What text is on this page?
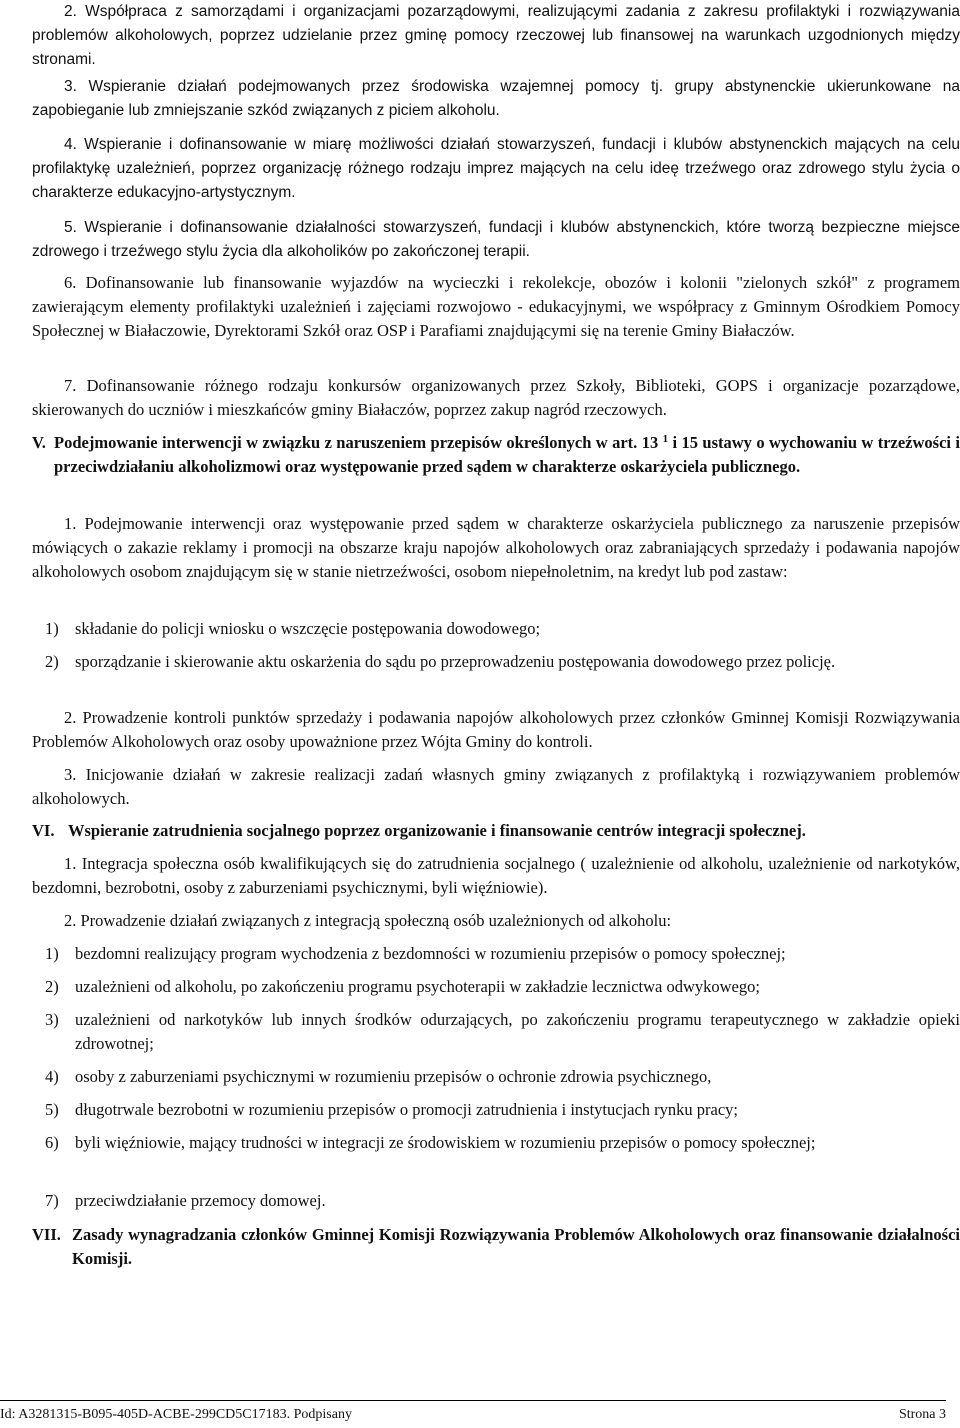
2. Współpraca z samorządami i organizacjami pozarządowymi, realizującymi zadania z zakresu profilaktyki i rozwiązywania problemów alkoholowych, poprzez udzielanie przez gminę pomocy rzeczowej lub finansowej na warunkach uzgodnionych między stronami.

3. Wspieranie działań podejmowanych przez środowiska wzajemnej pomocy tj. grupy abstynenckie ukierunkowane na zapobieganie lub zmniejszanie szkód związanych z piciem alkoholu.

4. Wspieranie i dofinansowanie w miarę możliwości działań stowarzyszeń, fundacji i klubów abstynenckich mających na celu profilaktykę uzależnień, poprzez organizację różnego rodzaju imprez mających na celu ideę trzeźwego oraz zdrowego stylu życia o charakterze edukacyjno-artystycznym.

5. Wspieranie i dofinansowanie działalności stowarzyszeń, fundacji i klubów abstynenckich, które tworzą bezpieczne miejsce zdrowego i trzeźwego stylu życia dla alkoholików po zakończonej terapii.

6. Dofinansowanie lub finansowanie wyjazdów na wycieczki i rekolekcje, obozów i kolonii "zielonych szkół" z programem zawierającym elementy profilaktyki uzależnień i zajęciami rozwojowo - edukacyjnymi, we współpracy z Gminnym Ośrodkiem Pomocy Społecznej w Białaczowie, Dyrektorami Szkół oraz OSP i Parafiami znajdującymi się na terenie Gminy Białaczów.

7. Dofinansowanie różnego rodzaju konkursów organizowanych przez Szkoły, Biblioteki, GOPS i organizacje pozarządowe, skierowanych do uczniów i mieszkańców gminy Białaczów, poprzez zakup nagród rzeczowych.

V. Podejmowanie interwencji w związku z naruszeniem przepisów określonych w art. 13 $^1$ i 15 ustawy o wychowaniu w trzeźwości i przeciwdziałaniu alkoholizmowi oraz występowanie przed sądem w charakterze oskarżyciela publicznego.

1. Podejmowanie interwencji oraz występowanie przed sądem w charakterze oskarżyciela publicznego za naruszenie przepisów mówiących o zakazie reklamy i promocji na obszarze kraju napojów alkoholowych oraz zabraniających sprzedaży i podawania napojów alkoholowych osobom znajdującym się w stanie nietrzeźwości, osobom niepełnoletnim, na kredyt lub pod zastaw:

1) składanie do policji wniosku o wszczęcie postępowania dowodowego;
2) sporządzanie i skierowanie aktu oskarżenia do sądu po przeprowadzeniu postępowania dowodowego przez policję.

2. Prowadzenie kontroli punktów sprzedaży i podawania napojów alkoholowych przez członków Gminnej Komisji Rozwiązywania Problemów Alkoholowych oraz osoby upoważnione przez Wójta Gminy do kontroli.

3. Inicjowanie działań w zakresie realizacji zadań własnych gminy związanych z profilaktyką i rozwiązywaniem problemów alkoholowych.

VI. Wspieranie zatrudnienia socjalnego poprzez organizowanie i finansowanie centrów integracji społecznej.

1. Integracja społeczna osób kwalifikujących się do zatrudnienia socjalnego ( uzależnienie od alkoholu, uzależnienie od narkotyków, bezdomni, bezrobotni, osoby z zaburzeniami psychicznymi, byli więźniowie).

2. Prowadzenie działań związanych z integracją społeczną osób uzależnionych od alkoholu:

1) bezdomni realizujący program wychodzenia z bezdomności w rozumieniu przepisów o pomocy społecznej;
2) uzależnieni od alkoholu, po zakończeniu programu psychoterapii w zakładzie lecznictwa odwykowego;
3) uzależnieni od narkotyków lub innych środków odurzających, po zakończeniu programu terapeutycznego w zakładzie opieki zdrowotnej;
4) osoby z zaburzeniami psychicznymi w rozumieniu przepisów o ochronie zdrowia psychicznego,
5) długotrwale bezrobotni w rozumieniu przepisów o promocji zatrudnienia i instytucjach rynku pracy;
6) byli więźniowie, mający trudności w integracji ze środowiskiem w rozumieniu przepisów o pomocy społecznej;
7) przeciwdziałanie przemocy domowej.
VII. Zasady wynagradzania członków Gminnej Komisji Rozwiązywania Problemów Alkoholowych oraz finansowanie działalności Komisji.
Id: A3281315-B095-405D-ACBE-299CD5C17183. Podpisany	Strona 3
